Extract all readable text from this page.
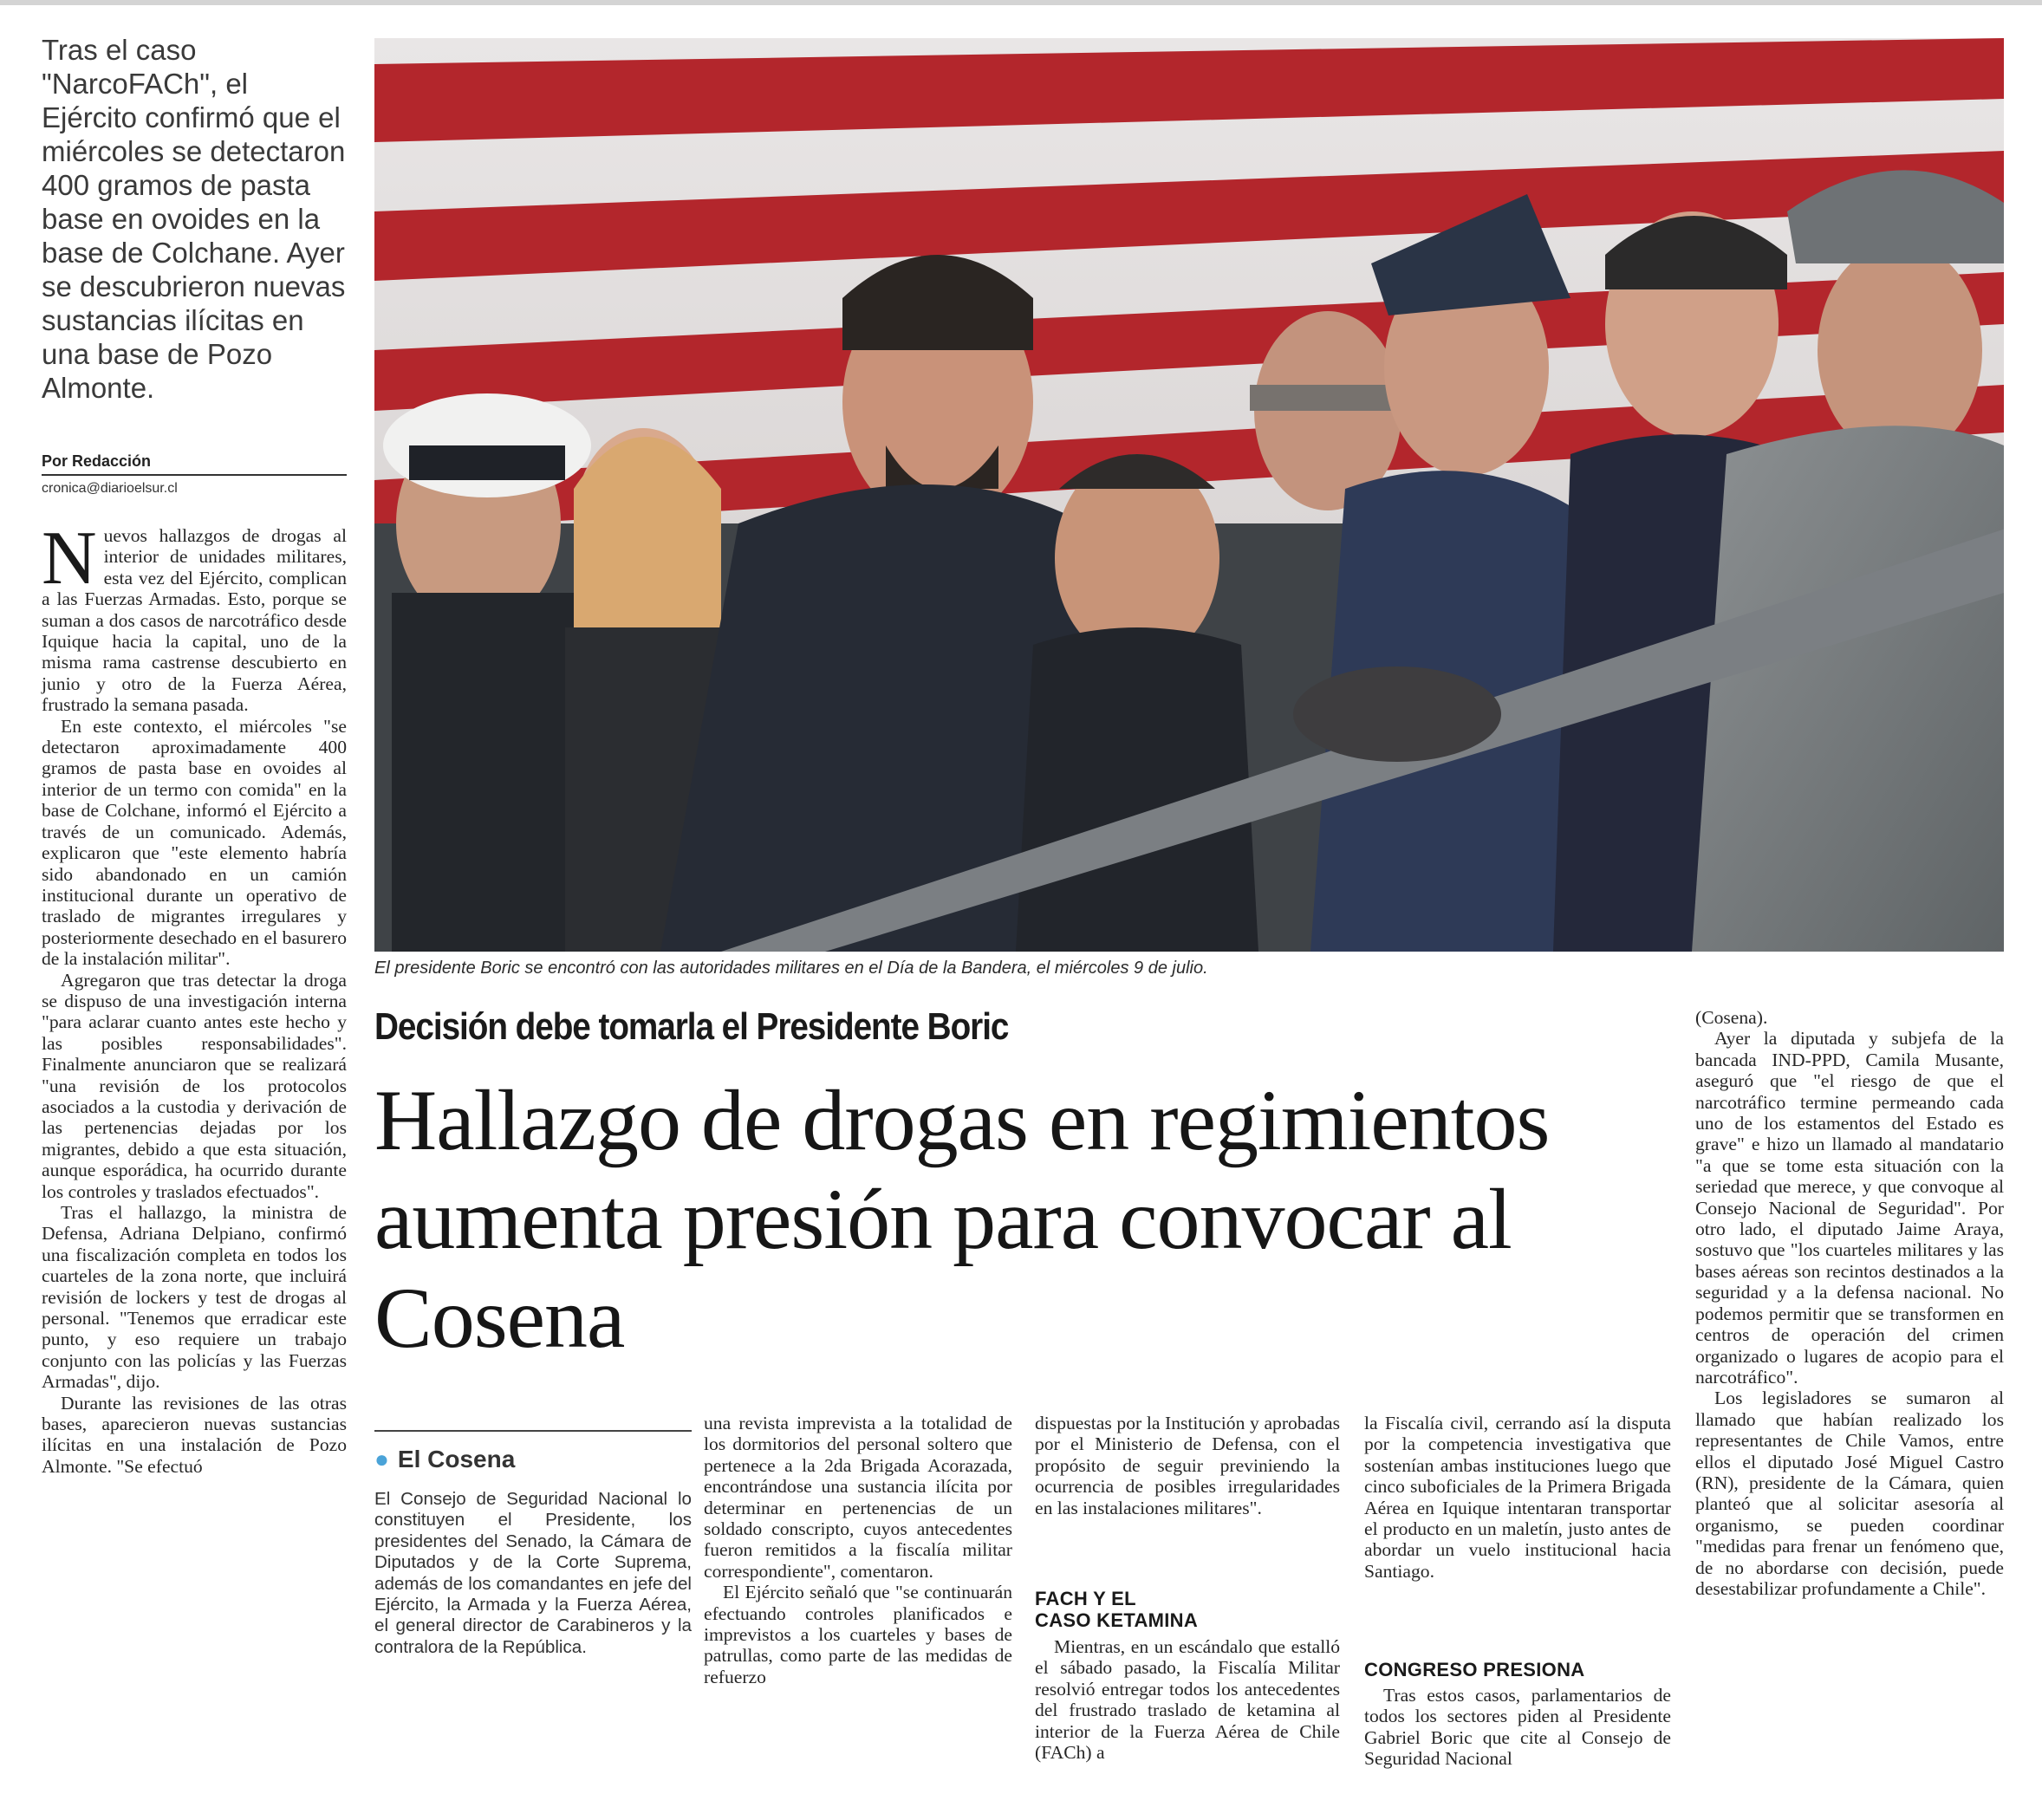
Tras el caso "NarcoFACh", el Ejército confirmó que el miércoles se detectaron 400 gramos de pasta base en ovoides en la base de Colchane. Ayer se descubrieron nuevas sustancias ilícitas en una base de Pozo Almonte.

Por Redacción
cronica@diarioelsur.cl

Nuevos hallazgos de drogas al interior de unidades militares, esta vez del Ejército, complican a las Fuerzas Armadas. Esto, porque se suman a dos casos de narcotráfico desde Iquique hacia la capital, uno de la misma rama castrense descubierto en junio y otro de la Fuerza Aérea, frustrado la semana pasada.

En este contexto, el miércoles "se detectaron aproximadamente 400 gramos de pasta base en ovoides al interior de un termo con comida" en la base de Colchane, informó el Ejército a través de un comunicado. Además, explicaron que "este elemento habría sido abandonado en un camión institucional durante un operativo de traslado de migrantes irregulares y posteriormente desechado en el basurero de la instalación militar".

Agregaron que tras detectar la droga se dispuso de una investigación interna "para aclarar cuanto antes este hecho y las posibles responsabilidades". Finalmente anunciaron que se realizará "una revisión de los protocolos asociados a la custodia y derivación de las pertenencias dejadas por los migrantes, debido a que esta situación, aunque esporádica, ha ocurrido durante los controles y traslados efectuados".

Tras el hallazgo, la ministra de Defensa, Adriana Delpiano, confirmó una fiscalización completa en todos los cuarteles de la zona norte, que incluirá revisión de lockers y test de drogas al personal. "Tenemos que erradicar este punto, y eso requiere un trabajo conjunto con las policías y las Fuerzas Armadas", dijo.

Durante las revisiones de las otras bases, aparecieron nuevas sustancias ilícitas en una instalación de Pozo Almonte. "Se efectuó

El presidente Boric se encontró con las autoridades militares en el Día de la Bandera, el miércoles 9 de julio.
Decisión debe tomarla el Presidente Boric
Hallazgo de drogas en regimientos aumenta presión para convocar al Cosena
● El Cosena

El Consejo de Seguridad Nacional lo constituyen el Presidente, los presidentes del Senado, la Cámara de Diputados y de la Corte Suprema, además de los comandantes en jefe del Ejército, la Armada y la Fuerza Aérea, el general director de Carabineros y la contralora de la República.

una revista imprevista a la totalidad de los dormitorios del personal soltero que pertenece a la 2da Brigada Acorazada, encontrándose una sustancia ilícita por determinar en pertenencias de un soldado conscripto, cuyos antecedentes fueron remitidos a la fiscalía militar correspondiente", comentaron.

El Ejército señaló que "se continuarán efectuando controles planificados e imprevistos a los cuarteles y bases de patrullas, como parte de las medidas de refuerzo

dispuestas por la Institución y aprobadas por el Ministerio de Defensa, con el propósito de seguir previniendo la ocurrencia de posibles irregularidades en las instalaciones militares".

FACH Y EL
CASO KETAMINA

Mientras, en un escándalo que estalló el sábado pasado, la Fiscalía Militar resolvió entregar todos los antecedentes del frustrado traslado de ketamina al interior de la Fuerza Aérea de Chile (FACh) a

la Fiscalía civil, cerrando así la disputa por la competencia investigativa que sostenían ambas instituciones luego que cinco suboficiales de la Primera Brigada Aérea en Iquique intentaran transportar el producto en un maletín, justo antes de abordar un vuelo institucional hacia Santiago.

CONGRESO PRESIONA

Tras estos casos, parlamentarios de todos los sectores piden al Presidente Gabriel Boric que cite al Consejo de Seguridad Nacional

(Cosena).

Ayer la diputada y subjefa de la bancada IND-PPD, Camila Musante, aseguró que "el riesgo de que el narcotráfico termine permeando cada uno de los estamentos del Estado es grave" e hizo un llamado al mandatario "a que se tome esta situación con la seriedad que merece, y que convoque al Consejo Nacional de Seguridad". Por otro lado, el diputado Jaime Araya, sostuvo que "los cuarteles militares y las bases aéreas son recintos destinados a la seguridad y a la defensa nacional. No podemos permitir que se transformen en centros de operación del crimen organizado o lugares de acopio para el narcotráfico".

Los legisladores se sumaron al llamado que habían realizado los representantes de Chile Vamos, entre ellos el diputado José Miguel Castro (RN), presidente de la Cámara, quien planteó que al solicitar asesoría al organismo, se pueden coordinar "medidas para frenar un fenómeno que, de no abordarse con decisión, puede desestabilizar profundamente a Chile".
